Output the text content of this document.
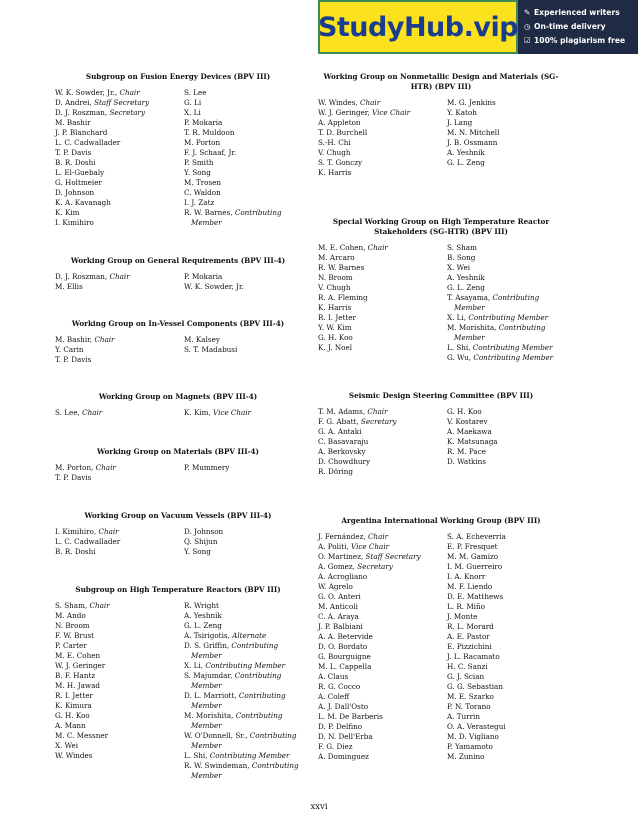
StudyHub.vip ✎ Experienced writers
◷ On-time delivery
☑ 100% plagiarism free
Subgroup on Fusion Energy Devices (BPV III)
W. K. Sowder, Jr., Chair
D. Andrei, Staff Secretary
D. J. Roszman, Secretary
M. Bashir
J. P. Blanchard
L. C. Cadwallader
T. P. Davis
B. R. Doshi
L. El-Guebaly
G. Holtmeier
D. Johnson
K. A. Kavanagh
K. Kim
I. Kimihiro
S. Lee
G. Li
X. Li
P. Mokaria
T. R. Muldoon
M. Porton
F. J. Schaaf, Jr.
P. Smith
Y. Song
M. Trosen
C. Waldon
I. J. Zatz
R. W. Barnes, Contributing Member
Working Group on General Requirements (BPV III-4)
D. J. Roszman, Chair
M. Ellis
P. Mokaria
W. K. Sowder, Jr.
Working Group on In-Vessel Components (BPV III-4)
M. Bashir, Chair
Y. Carin
T. P. Davis
M. Kalsey
S. T. Madabusi
Working Group on Magnets (BPV III-4)
S. Lee, Chair	K. Kim, Vice Chair
Working Group on Materials (BPV III-4)
M. Porton, Chair
T. P. Davis
P. Mummery
Working Group on Vacuum Vessels (BPV III-4)
I. Kimihiro, Chair
L. C. Cadwallader
B. R. Doshi
D. Johnson
Q. Shijun
Y. Song
Subgroup on High Temperature Reactors (BPV III)
S. Sham, Chair
M. Ando
N. Broom
F. W. Brust
P. Carter
M. E. Cohen
W. J. Geringer
B. F. Hantz
M. H. Jawad
R. I. Jetter
K. Kimura
G. H. Koo
A. Mann
M. C. Messner
X. Wei
W. Windes
R. Wright
A. Yeshnik
G. L. Zeng
A. Tsirigotis, Alternate
D. S. Griffin, Contributing Member
X. Li, Contributing Member
S. Majumdar, Contributing Member
D. L. Marriott, Contributing Member
M. Morishita, Contributing Member
W. O'Donnell, Sr., Contributing Member
L. Shi, Contributing Member
R. W. Swindeman, Contributing Member
Working Group on Nonmetallic Design and Materials (SG-HTR) (BPV III)
W. Windes, Chair
W. J. Geringer, Vice Chair
A. Appleton
T. D. Burchell
S.-H. Chi
V. Chugh
S. T. Gonczy
K. Harris
M. G. Jenkins
Y. Katoh
J. Lang
M. N. Mitchell
J. B. Ossmann
A. Yeshnik
G. L. Zeng
Special Working Group on High Temperature Reactor Stakeholders (SG-HTR) (BPV III)
M. E. Cohen, Chair
M. Arcaro
R. W. Barnes
N. Broom
V. Chugh
R. A. Fleming
K. Harris
R. I. Jetter
Y. W. Kim
G. H. Koo
K. J. Noel
S. Sham
B. Song
X. Wei
A. Yeshnik
G. L. Zeng
T. Asayama, Contributing Member
X. Li, Contributing Member
M. Morishita, Contributing Member
L. Shi, Contributing Member
G. Wu, Contributing Member
Seismic Design Steering Committee (BPV III)
T. M. Adams, Chair
F. G. Abatt, Secretary
G. A. Antaki
C. Basavaraju
A. Berkovsky
D. Chowdhury
R. Döring
G. H. Koo
V. Kostarev
A. Maekawa
K. Matsunaga
R. M. Pace
D. Watkins
Argentina International Working Group (BPV III)
J. Fernández, Chair
A. Politi, Vice Chair
O. Martinez, Staff Secretary
A. Gomez, Secretary
A. Acrogliano
W. Agrelo
G. O. Anteri
M. Anticoli
C. A. Araya
J. P. Balbiani
A. A. Betervide
D. O. Bordato
G. Bourguigne
M. L. Cappella
A. Claus
R. G. Cocco
A. Coleff
A. J. Dall'Osto
L. M. De Barberis
D. P. Delfino
D. N. Dell'Erba
F. G. Diez
A. Dominguez
S. A. Echeverria
E. P. Fresquet
M. M. Gamizo
I. M. Guerreiro
I. A. Knorr
M. F. Liendo
D. E. Matthews
L. R. Miño
J. Monte
R. L. Morard
A. E. Pastor
E. Pizzichini
J. L. Racamato
H. C. Sanzi
G. J. Scian
G. G. Sebastian
M. E. Szarko
P. N. Torano
A. Turrin
O. A. Verastegui
M. D. Vigliano
P. Yamamoto
M. Zunino
xxvi
